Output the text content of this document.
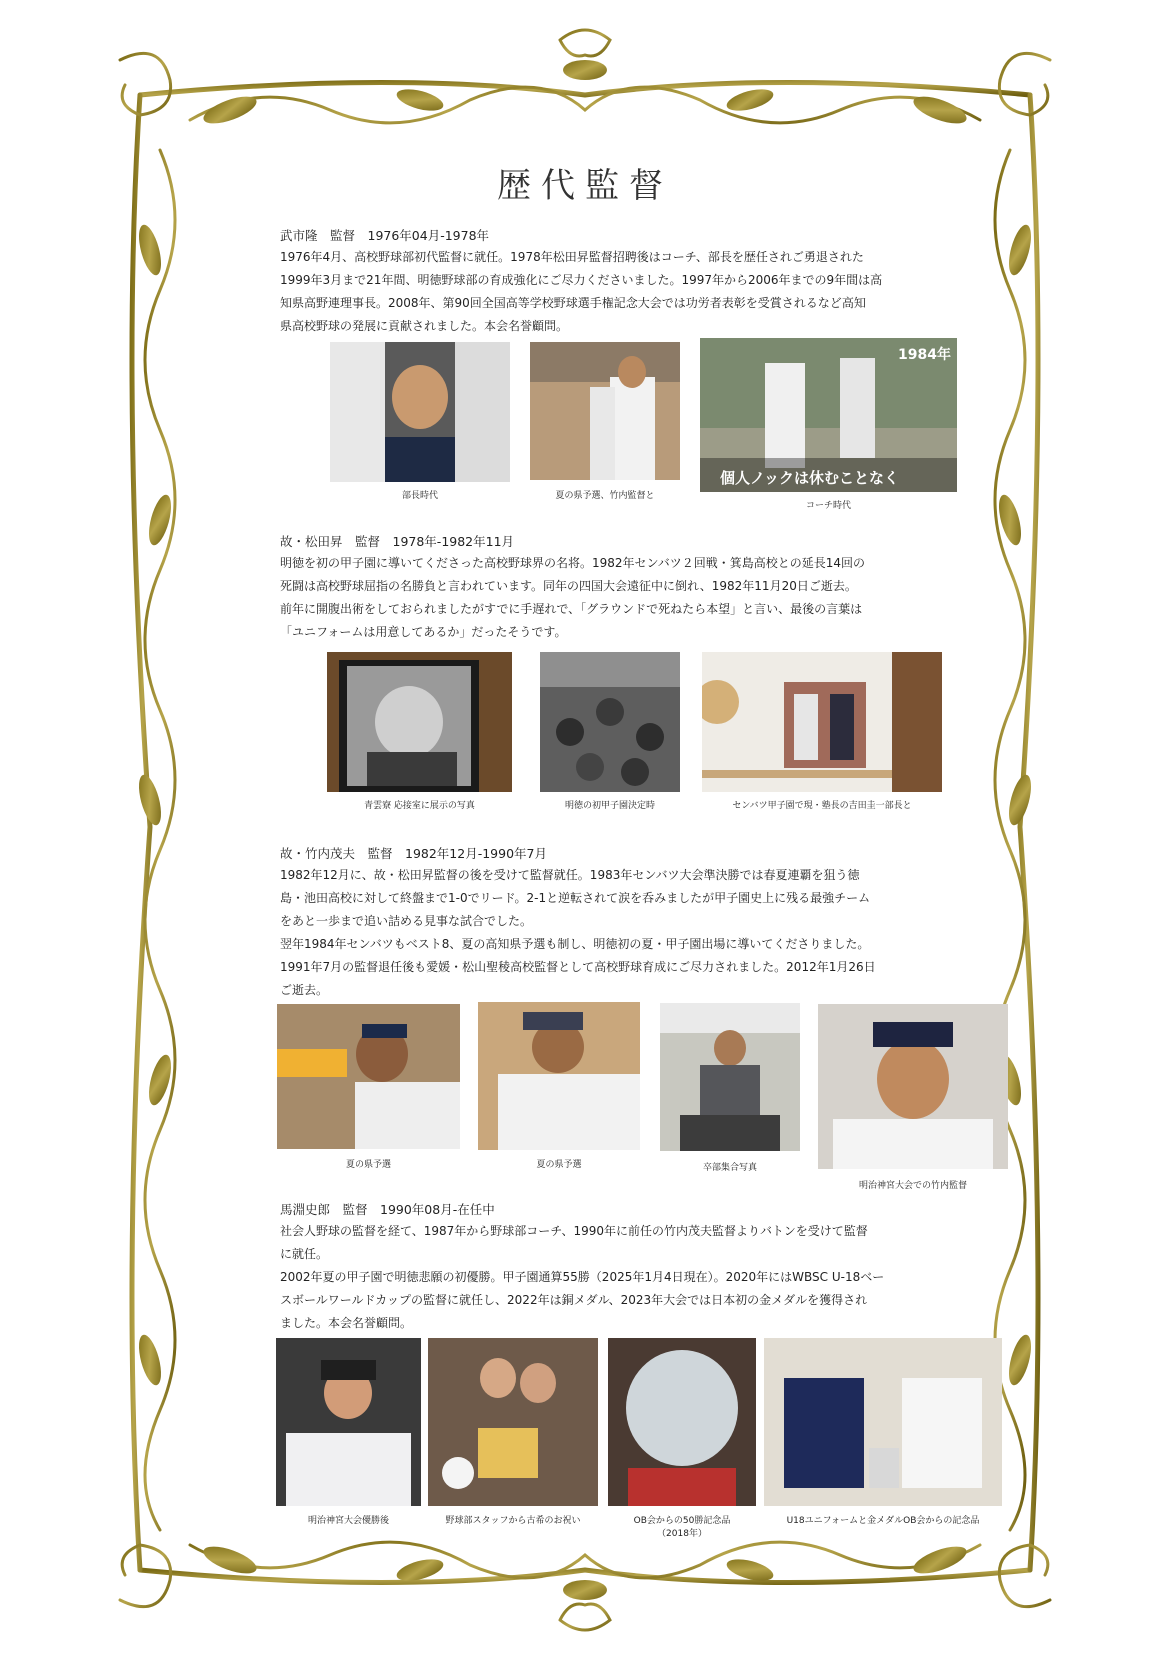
歴代監督
武市隆　監督　1976年04月-1978年
1976年4月、高校野球部初代監督に就任。1978年松田昇監督招聘後はコーチ、部長を歴任されご勇退された
1999年3月まで21年間、明徳野球部の育成強化にご尽力くださいました。1997年から2006年までの9年間は高
知県高野連理事長。2008年、第90回全国高等学校野球選手権記念大会では功労者表彰を受賞されるなど高知
県高校野球の発展に貢献されました。本会名誉顧問。
部長時代	夏の県予選、竹内監督と
1984年
個人ノックは休むことなく
コーチ時代
故・松田昇　監督　1978年-1982年11月
明徳を初の甲子園に導いてくださった高校野球界の名将。1982年センバツ２回戦・箕島高校との延長14回の
死闘は高校野球屈指の名勝負と言われています。同年の四国大会遠征中に倒れ、1982年11月20日ご逝去。
前年に開腹出術をしておられましたがすでに手遅れで、「グラウンドで死ねたら本望」と言い、最後の言葉は
「ユニフォームは用意してあるか」だったそうです。
青雲寮 応接室に展示の写真	明徳の初甲子園決定時	センバツ甲子園で現・塾長の吉田圭一部長と
故・竹内茂夫　監督　1982年12月-1990年7月
1982年12月に、故・松田昇監督の後を受けて監督就任。1983年センバツ大会準決勝では春夏連覇を狙う徳
島・池田高校に対して終盤まで1-0でリード。2-1と逆転されて涙を呑みましたが甲子園史上に残る最強チーム
をあと一歩まで追い詰める見事な試合でした。
翌年1984年センバツもベスト8、夏の高知県予選も制し、明徳初の夏・甲子園出場に導いてくださりました。
1991年7月の監督退任後も愛媛・松山聖稜高校監督として高校野球育成にご尽力されました。2012年1月26日
ご逝去。
夏の県予選	夏の県予選	卒部集合写真
明治神宮大会での竹内監督
馬淵史郎　監督　1990年08月-在任中
社会人野球の監督を経て、1987年から野球部コーチ、1990年に前任の竹内茂夫監督よりバトンを受けて監督
に就任。
2002年夏の甲子園で明徳悲願の初優勝。甲子園通算55勝（2025年1月4日現在）。2020年にはWBSC U-18ベー
スボールワールドカップの監督に就任し、2022年は銅メダル、2023年大会では日本初の金メダルを獲得され
ました。本会名誉顧問。
明治神宮大会優勝後	野球部スタッフから古希のお祝い	OB会からの50勝記念品
（2018年）
U18ユニフォームと金メダルOB会からの記念品
